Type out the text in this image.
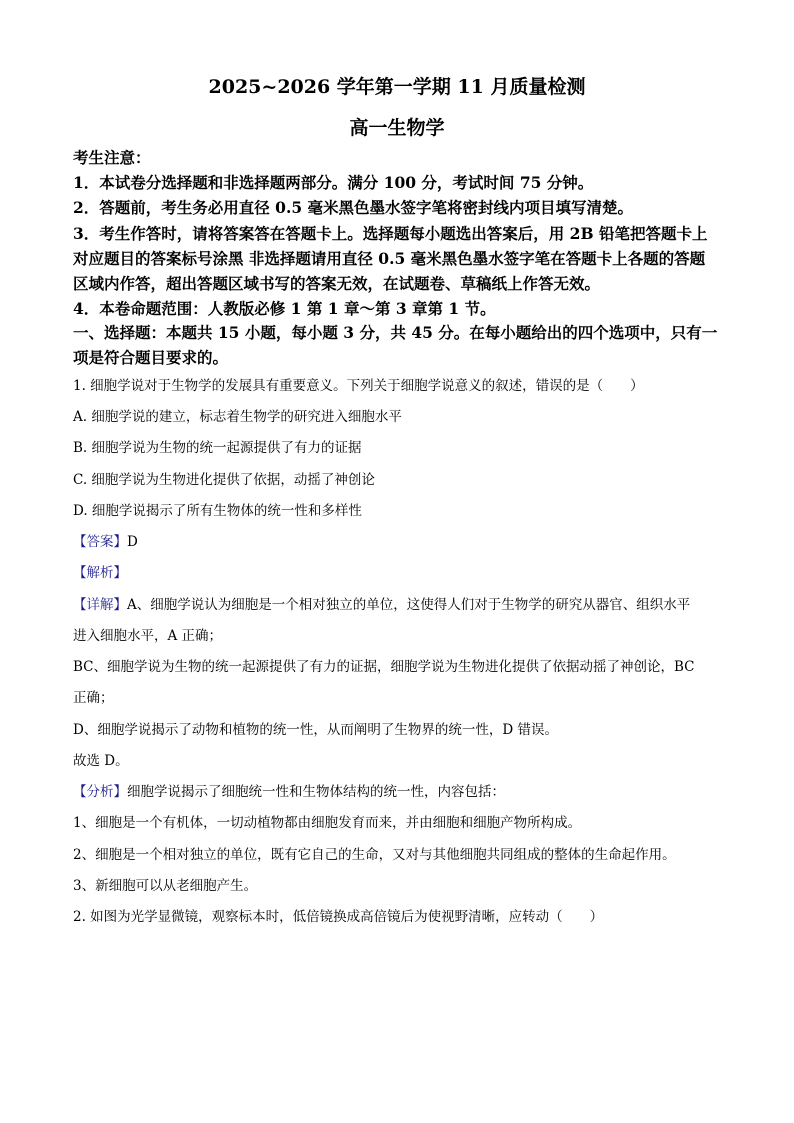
2025~2026 学年第一学期 11 月质量检测
高一生物学
考生注意：
1．本试卷分选择题和非选择题两部分。满分 100 分，考试时间 75 分钟。
2．答题前，考生务必用直径 0.5 毫米黑色墨水签字笔将密封线内项目填写清楚。
3．考生作答时，请将答案答在答题卡上。选择题每小题选出答案后，用 2B 铅笔把答题卡上
对应题目的答案标号涂黑 非选择题请用直径 0.5 毫米黑色墨水签字笔在答题卡上各题的答题
区域内作答，超出答题区域书写的答案无效，在试题卷、草稿纸上作答无效。
4．本卷命题范围：人教版必修 1 第 1 章～第 3 章第 1 节。
一、选择题：本题共 15 小题，每小题 3 分，共 45 分。在每小题给出的四个选项中，只有一
项是符合题目要求的。
1. 细胞学说对于生物学的发展具有重要意义。下列关于细胞学说意义的叙述，错误的是（　　）
A. 细胞学说的建立，标志着生物学的研究进入细胞水平
B. 细胞学说为生物的统一起源提供了有力的证据
C. 细胞学说为生物进化提供了依据，动摇了神创论
D. 细胞学说揭示了所有生物体的统一性和多样性
【答案】D
【解析】
【详解】A、细胞学说认为细胞是一个相对独立的单位，这使得人们对于生物学的研究从器官、组织水平
进入细胞水平，A 正确；
BC、细胞学说为生物的统一起源提供了有力的证据，细胞学说为生物进化提供了依据动摇了神创论，BC
正确；
D、细胞学说揭示了动物和植物的统一性，从而阐明了生物界的统一性，D 错误。
故选 D。
【分析】细胞学说揭示了细胞统一性和生物体结构的统一性，内容包括：
1、细胞是一个有机体，一切动植物都由细胞发育而来，并由细胞和细胞产物所构成。
2、细胞是一个相对独立的单位，既有它自己的生命，又对与其他细胞共同组成的整体的生命起作用。
3、新细胞可以从老细胞产生。
2. 如图为光学显微镜，观察标本时，低倍镜换成高倍镜后为使视野清晰，应转动（　　）
